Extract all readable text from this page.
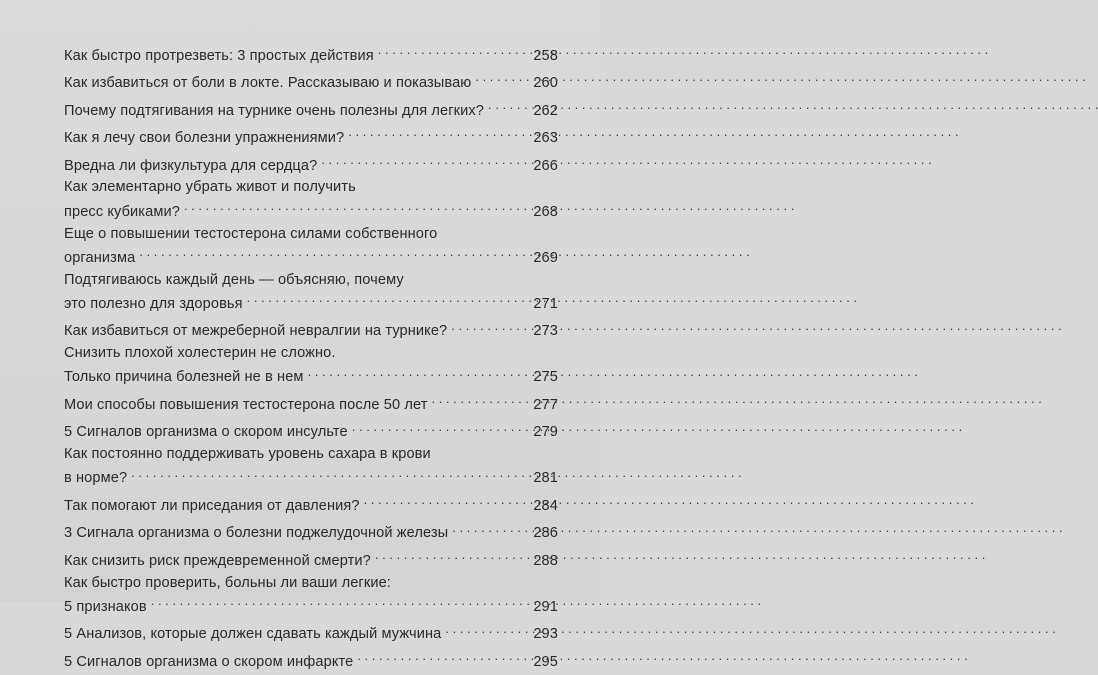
Как быстро протрезветь: 3 простых действия . . .	258
Как избавиться от боли в локте. Рассказываю и показываю . . .	260
Почему подтягивания на турнике очень полезны для легких? . . .	262
Как я лечу свои болезни упражнениями? . . .	263
Вредна ли физкультура для сердца? . . .	266
Как элементарно убрать живот и получить
пресс кубиками? . . .	268
Еще о повышении тестостерона силами собственного
организма . . .	269
Подтягиваюсь каждый день — объясняю, почему
это полезно для здоровья . . .	271
Как избавиться от межреберной невралгии на турнике? . . .	273
Снизить плохой холестерин не сложно.
Только причина болезней не в нем . . .	275
Мои способы повышения тестостерона после 50 лет . . .	277
5 Сигналов организма о скором инсульте . . .	279
Как постоянно поддерживать уровень сахара в крови
в норме? . . .	281
Так помогают ли приседания от давления? . . .	284
3 Сигнала организма о болезни поджелудочной железы . . .	286
Как снизить риск преждевременной смерти? . . .	288
Как быстро проверить, больны ли ваши легкие:
5 признаков . . .	291
5 Анализов, которые должен сдавать каждый мужчина . . .	293
5 Сигналов организма о скором инфаркте . . .	295
